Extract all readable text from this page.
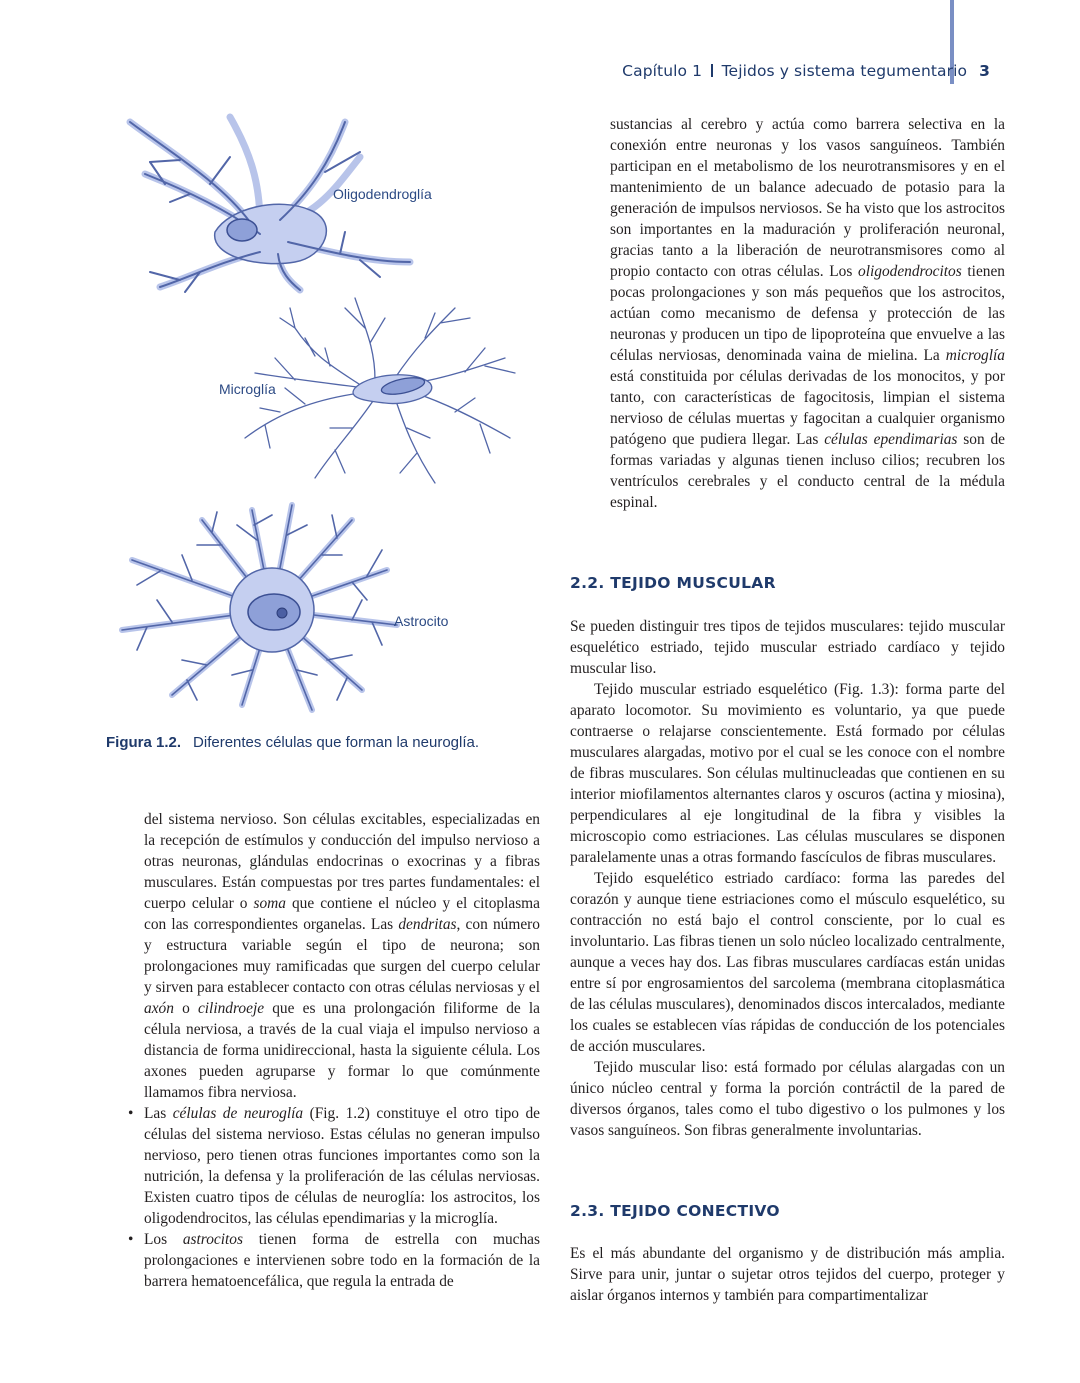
Capítulo 1 Tejidos y sistema tegumentario 3
Oligodendroglía
Microglía
Astrocito
Figura 1.2. Diferentes células que forman la neuroglía.

del sistema nervioso. Son células excitables, especializadas en la recepción de estímulos y conducción del impulso nervioso a otras neuronas, glándulas endocrinas o exocrinas y a fibras musculares. Están compuestas por tres partes fundamentales: el cuerpo celular o soma que contiene el núcleo y el citoplasma con las correspondientes organelas. Las dendritas, con número y estructura variable según el tipo de neurona; son prolongaciones muy ramificadas que surgen del cuerpo celular y sirven para establecer contacto con otras células nerviosas y el axón o cilindroeje que es una prolongación filiforme de la célula nerviosa, a través de la cual viaja el impulso nervioso a distancia de forma unidireccional, hasta la siguiente célula. Los axones pueden agruparse y formar lo que comúnmente llamamos fibra nerviosa.

• Las células de neuroglía (Fig. 1.2) constituye el otro tipo de células del sistema nervioso. Estas células no generan impulso nervioso, pero tienen otras funciones importantes como son la nutrición, la defensa y la proliferación de las células nerviosas. Existen cuatro tipos de células de neuroglía: los astrocitos, los oligodendrocitos, las células ependimarias y la microglía.
• Los astrocitos tienen forma de estrella con muchas prolongaciones e intervienen sobre todo en la formación de la barrera hematoencefálica, que regula la entrada de

sustancias al cerebro y actúa como barrera selectiva en la conexión entre neuronas y los vasos sanguíneos. También participan en el metabolismo de los neurotransmisores y en el mantenimiento de un balance adecuado de potasio para la generación de impulsos nerviosos. Se ha visto que los astrocitos son importantes en la maduración y proliferación neuronal, gracias tanto a la liberación de neurotransmisores como al propio contacto con otras células. Los oligodendrocitos tienen pocas prolongaciones y son más pequeños que los astrocitos, actúan como mecanismo de defensa y protección de las neuronas y producen un tipo de lipoproteína que envuelve a las células nerviosas, denominada vaina de mielina. La microglía está constituida por células derivadas de los monocitos, y por tanto, con características de fagocitosis, limpian el sistema nervioso de células muertas y fagocitan a cualquier organismo patógeno que pudiera llegar. Las células ependimarias son de formas variadas y algunas tienen incluso cilios; recubren los ventrículos cerebrales y el conducto central de la médula espinal.

2.2. TEJIDO MUSCULAR

Se pueden distinguir tres tipos de tejidos musculares: tejido muscular esquelético estriado, tejido muscular estriado cardíaco y tejido muscular liso.

Tejido muscular estriado esquelético (Fig. 1.3): forma parte del aparato locomotor. Su movimiento es voluntario, ya que puede contraerse o relajarse conscientemente. Está formado por células musculares alargadas, motivo por el cual se les conoce con el nombre de fibras musculares. Son células multinucleadas que contienen en su interior miofilamentos alternantes claros y oscuros (actina y miosina), perpendiculares al eje longitudinal de la fibra y visibles la microscopio como estriaciones. Las células musculares se disponen paralelamente unas a otras formando fascículos de fibras musculares.

Tejido esquelético estriado cardíaco: forma las paredes del corazón y aunque tiene estriaciones como el músculo esquelético, su contracción no está bajo el control consciente, por lo cual es involuntario. Las fibras tienen un solo núcleo localizado centralmente, aunque a veces hay dos. Las fibras musculares cardíacas están unidas entre sí por engrosamientos del sarcolema (membrana citoplasmática de las células musculares), denominados discos intercalados, mediante los cuales se establecen vías rápidas de conducción de los potenciales de acción musculares.

Tejido muscular liso: está formado por células alargadas con un único núcleo central y forma la porción contráctil de la pared de diversos órganos, tales como el tubo digestivo o los pulmones y los vasos sanguíneos. Son fibras generalmente involuntarias.

2.3. TEJIDO CONECTIVO

Es el más abundante del organismo y de distribución más amplia. Sirve para unir, juntar o sujetar otros tejidos del cuerpo, proteger y aislar órganos internos y también para compartimentalizar
